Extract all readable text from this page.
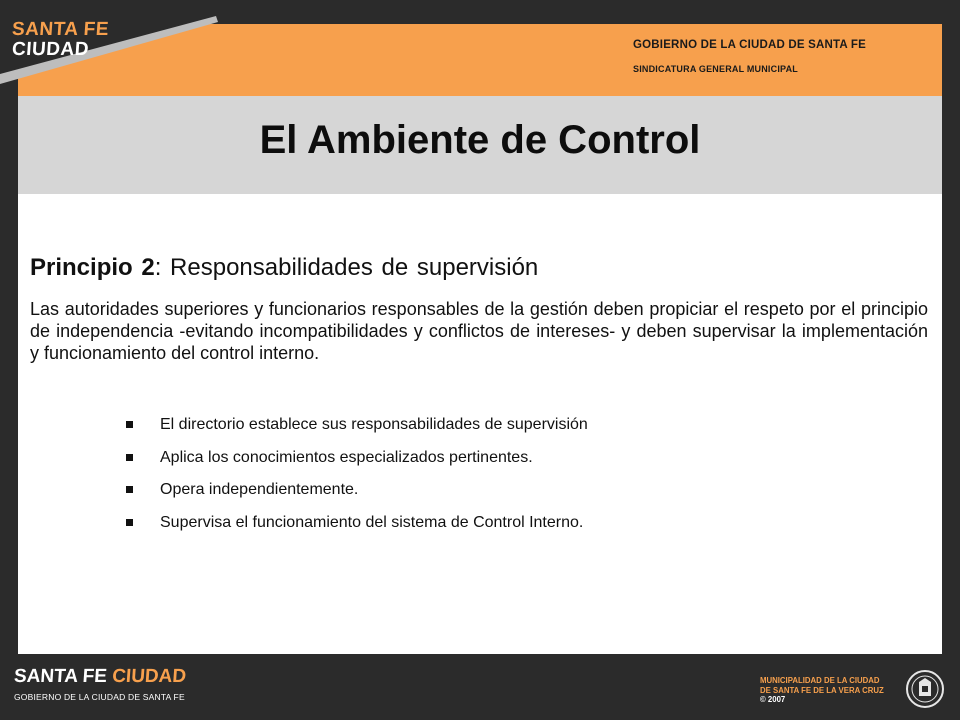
SANTA FE
CIUDAD	GOBIERNO DE LA CIUDAD DE SANTA FE
SINDICATURA GENERAL MUNICIPAL
El Ambiente de Control
Principio 2: Responsabilidades de supervisión
Las autoridades superiores y funcionarios responsables de la gestión deben propiciar el respeto por el principio de independencia -evitando incompatibilidades y conflictos de intereses- y deben supervisar la implementación y funcionamiento del control interno.
El directorio establece sus responsabilidades de supervisión
Aplica los conocimientos especializados pertinentes.
Opera independientemente.
Supervisa el funcionamiento del sistema de Control Interno.
SANTA FE CIUDAD
GOBIERNO DE LA CIUDAD DE SANTA FE
MUNICIPALIDAD DE LA CIUDAD
DE SANTA FE DE LA VERA CRUZ
© 2007
